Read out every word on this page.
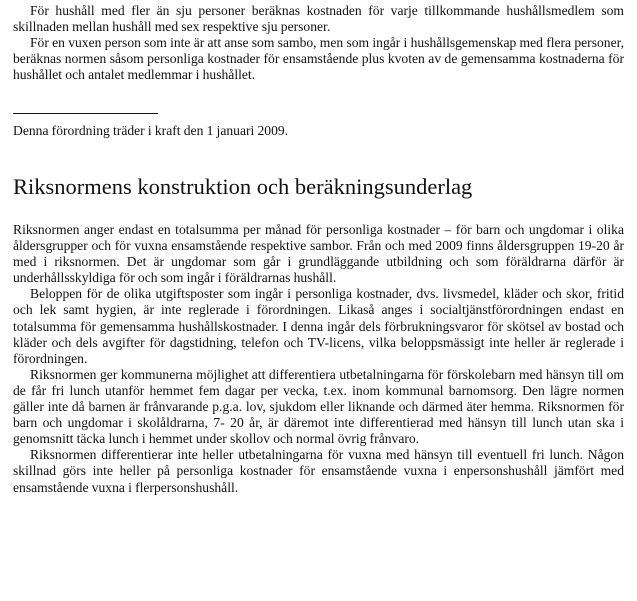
För hushåll med fler än sju personer beräknas kostnaden för varje tillkommande hushållsmedlem som skillnaden mellan hushåll med sex respektive sju personer.

För en vuxen person som inte är att anse som sambo, men som ingår i hushållsgemenskap med flera personer, beräknas normen såsom personliga kostnader för ensamstående plus kvoten av de gemensamma kostnaderna för hushållet och antalet medlemmar i hushållet.

Denna förordning träder i kraft den 1 januari 2009.

Riksnormens konstruktion och beräkningsunderlag

Riksnormen anger endast en totalsumma per månad för personliga kostnader – för barn och ungdomar i olika åldersgrupper och för vuxna ensamstående respektive sambor. Från och med 2009 finns åldersgruppen 19-20 år med i riksnormen. Det är ungdomar som går i grundläggande utbildning och som föräldrarna därför är underhållsskyldiga för och som ingår i föräldrarnas hushåll.

Beloppen för de olika utgiftsposter som ingår i personliga kostnader, dvs. livsmedel, kläder och skor, fritid och lek samt hygien, är inte reglerade i förordningen. Likaså anges i socialtjänstförordningen endast en totalsumma för gemensamma hushållskostnader. I denna ingår dels förbrukningsvaror för skötsel av bostad och kläder och dels avgifter för dagstidning, telefon och TV-licens, vilka beloppsmässigt inte heller är reglerade i förordningen.

Riksnormen ger kommunerna möjlighet att differentiera utbetalningarna för förskolebarn med hänsyn till om de får fri lunch utanför hemmet fem dagar per vecka, t.ex. inom kommunal barnomsorg. Den lägre normen gäller inte då barnen är frånvarande p.g.a. lov, sjukdom eller liknande och därmed äter hemma. Riksnormen för barn och ungdomar i skolåldrarna, 7- 20 år, är däremot inte differentierad med hänsyn till lunch utan ska i genomsnitt täcka lunch i hemmet under skollov och normal övrig frånvaro.

Riksnormen differentierar inte heller utbetalningarna för vuxna med hänsyn till eventuell fri lunch. Någon skillnad görs inte heller på personliga kostnader för ensamstående vuxna i enpersonshushåll jämfört med ensamstående vuxna i flerpersonshushåll.
